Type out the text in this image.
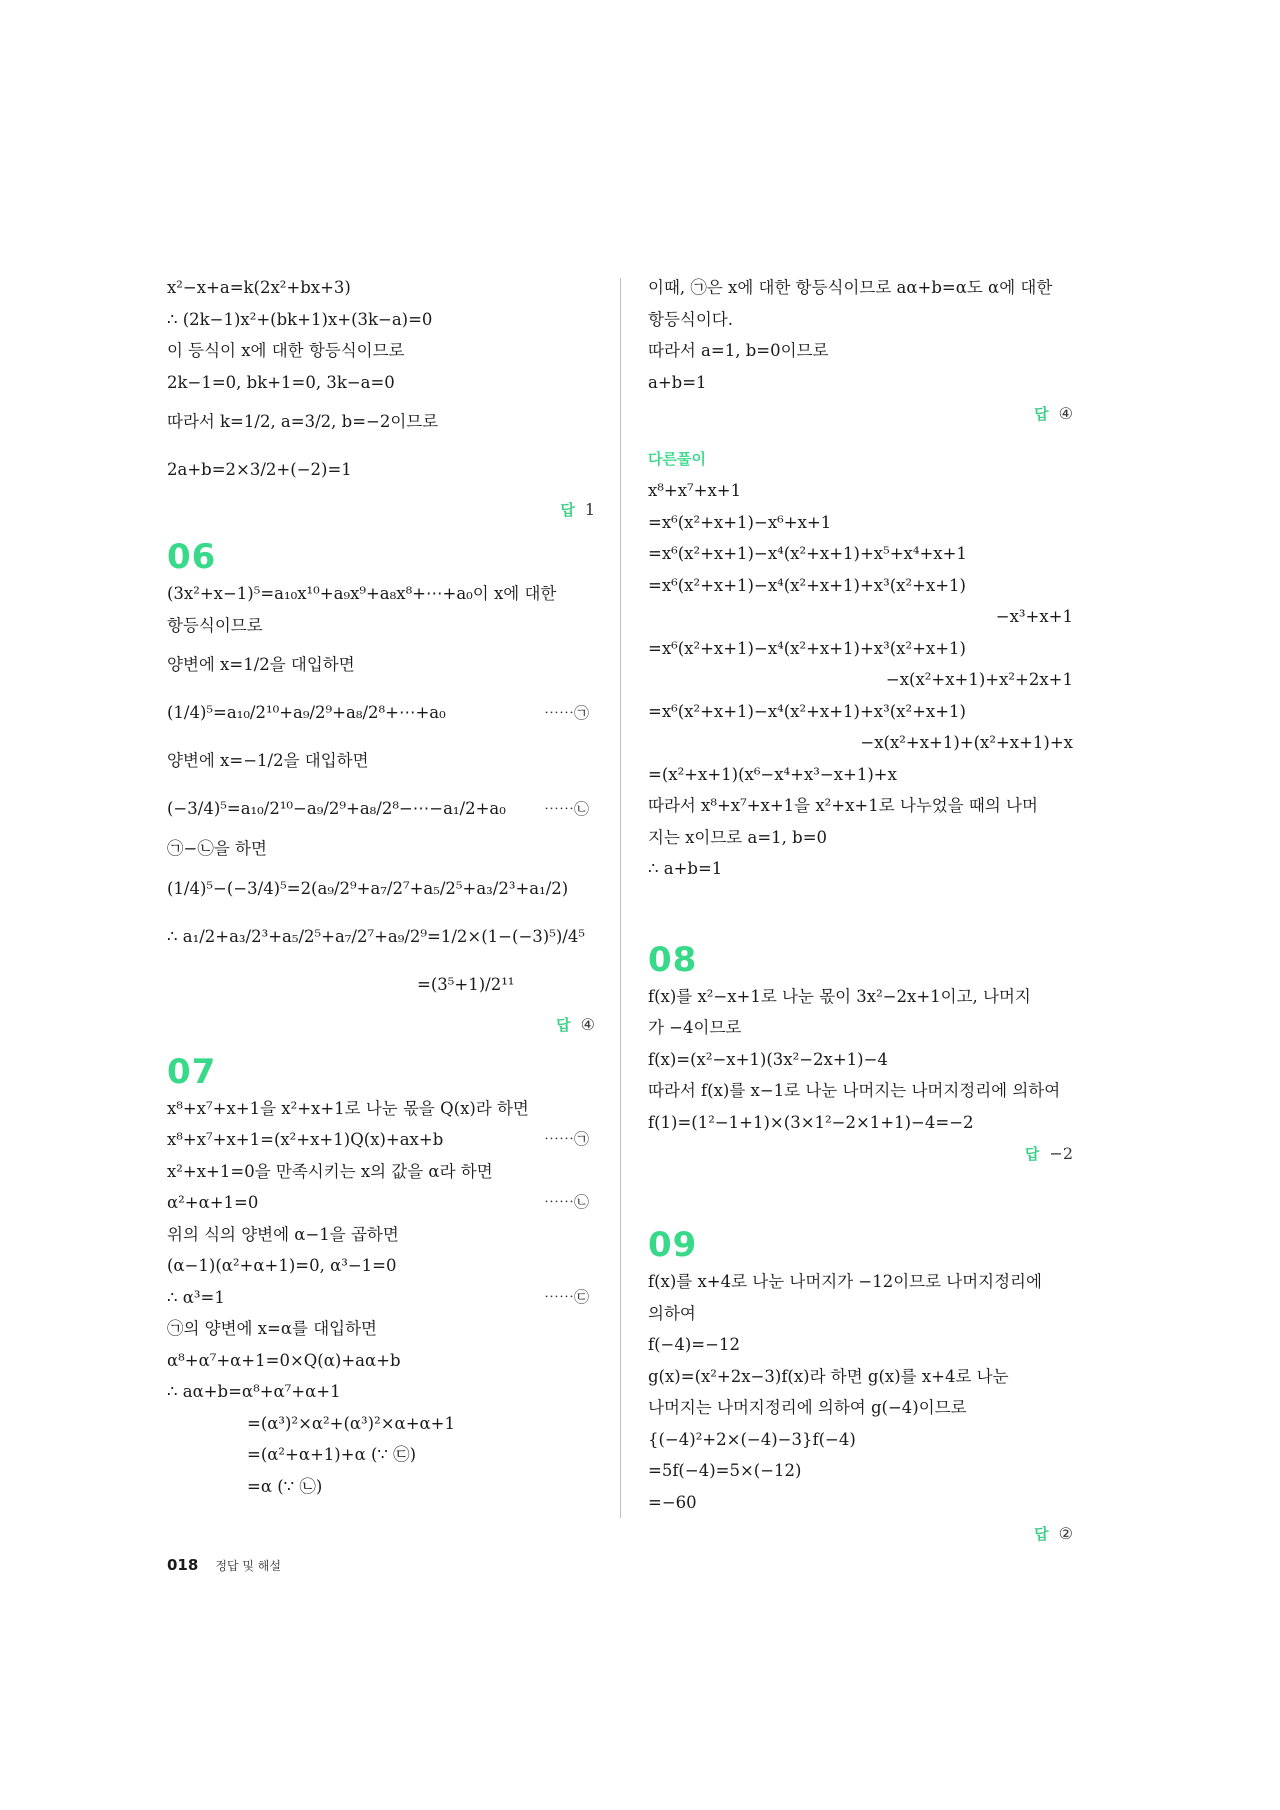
x²−x+a=k(2x²+bx+3)
∴ (2k−1)x²+(bk+1)x+(3k−a)=0
이 등식이 x에 대한 항등식이므로
2k−1=0, bk+1=0, 3k−a=0
따라서 k=1/2, a=3/2, b=−2이므로
2a+b=2×3/2+(−2)=1
답 1
06
(3x²+x−1)⁵=a₁₀x¹⁰+a₉x⁹+a₈x⁸+⋯+a₀이 x에 대한
항등식이므로
양변에 x=1/2을 대입하면
(1/4)⁵=a₁₀/2¹⁰+a₉/2⁹+a₈/2⁸+⋯+a₀	⋯⋯㉠
양변에 x=−1/2을 대입하면
(−3/4)⁵=a₁₀/2¹⁰−a₉/2⁹+a₈/2⁸−⋯−a₁/2+a₀	⋯⋯㉡
㉠−㉡을 하면
(1/4)⁵−(−3/4)⁵=2(a₉/2⁹+a₇/2⁷+a₅/2⁵+a₃/2³+a₁/2)
∴ a₁/2+a₃/2³+a₅/2⁵+a₇/2⁷+a₉/2⁹=1/2×(1−(−3)⁵)/4⁵
=(3⁵+1)/2¹¹
답 ④
07
x⁸+x⁷+x+1을 x²+x+1로 나눈 몫을 Q(x)라 하면
x⁸+x⁷+x+1=(x²+x+1)Q(x)+ax+b	⋯⋯㉠
x²+x+1=0을 만족시키는 x의 값을 α라 하면
α²+α+1=0	⋯⋯㉡
위의 식의 양변에 α−1을 곱하면
(α−1)(α²+α+1)=0, α³−1=0
∴ α³=1	⋯⋯㉢
㉠의 양변에 x=α를 대입하면
α⁸+α⁷+α+1=0×Q(α)+aα+b
∴ aα+b=α⁸+α⁷+α+1
=(α³)²×α²+(α³)²×α+α+1
=(α²+α+1)+α (∵ ㉢)
=α (∵ ㉡)
이때, ㉠은 x에 대한 항등식이므로 aα+b=α도 α에 대한
항등식이다.
따라서 a=1, b=0이므로
a+b=1
답 ④
다른풀이
x⁸+x⁷+x+1
=x⁶(x²+x+1)−x⁶+x+1
=x⁶(x²+x+1)−x⁴(x²+x+1)+x⁵+x⁴+x+1
=x⁶(x²+x+1)−x⁴(x²+x+1)+x³(x²+x+1)
−x³+x+1
=x⁶(x²+x+1)−x⁴(x²+x+1)+x³(x²+x+1)
−x(x²+x+1)+x²+2x+1
=x⁶(x²+x+1)−x⁴(x²+x+1)+x³(x²+x+1)
−x(x²+x+1)+(x²+x+1)+x
=(x²+x+1)(x⁶−x⁴+x³−x+1)+x
따라서 x⁸+x⁷+x+1을 x²+x+1로 나누었을 때의 나머
지는 x이므로 a=1, b=0
∴ a+b=1
08
f(x)를 x²−x+1로 나눈 몫이 3x²−2x+1이고, 나머지
가 −4이므로
f(x)=(x²−x+1)(3x²−2x+1)−4
따라서 f(x)를 x−1로 나눈 나머지는 나머지정리에 의하여
f(1)=(1²−1+1)×(3×1²−2×1+1)−4=−2
답 −2
09
f(x)를 x+4로 나눈 나머지가 −12이므로 나머지정리에
의하여
f(−4)=−12
g(x)=(x²+2x−3)f(x)라 하면 g(x)를 x+4로 나눈
나머지는 나머지정리에 의하여 g(−4)이므로
{(−4)²+2×(−4)−3}f(−4)
=5f(−4)=5×(−12)
=−60
답 ②
018 정답 및 해설
